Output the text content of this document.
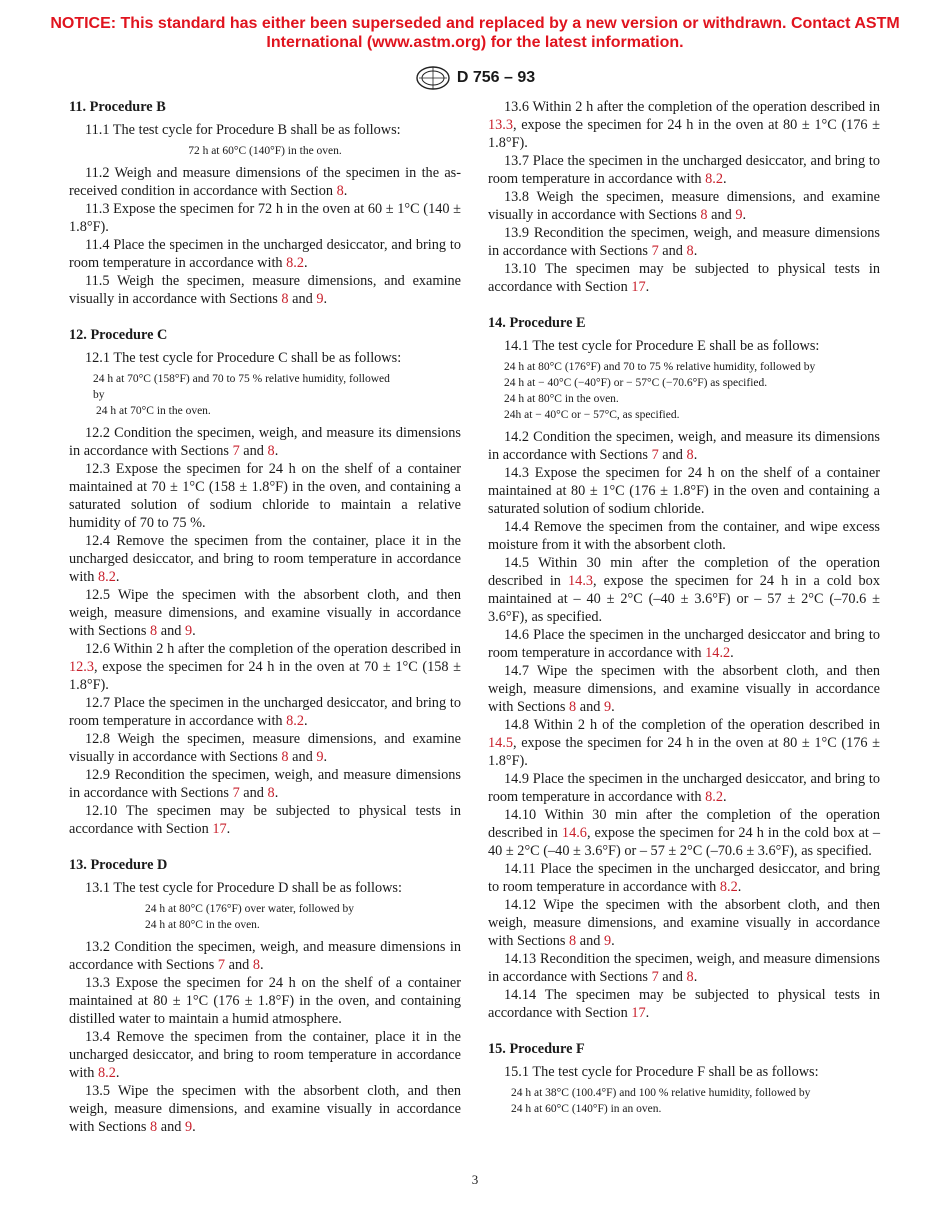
NOTICE: This standard has either been superseded and replaced by a new version or withdrawn. Contact ASTM
International (www.astm.org) for the latest information.
D 756 – 93
11. Procedure B

11.1 The test cycle for Procedure B shall be as follows:

72 h at 60°C (140°F) in the oven.

11.2 Weigh and measure dimensions of the specimen in the as-received condition in accordance with Section 8.

11.3 Expose the specimen for 72 h in the oven at 60 ± 1°C (140 ± 1.8°F).

11.4 Place the specimen in the uncharged desiccator, and bring to room temperature in accordance with 8.2.

11.5 Weigh the specimen, measure dimensions, and examine visually in accordance with Sections 8 and 9.

12. Procedure C

12.1 The test cycle for Procedure C shall be as follows:

24 h at 70°C (158°F) and 70 to 75 % relative humidity, followed
by
24 h at 70°C in the oven.

12.2 Condition the specimen, weigh, and measure its dimensions in accordance with Sections 7 and 8.

12.3 Expose the specimen for 24 h on the shelf of a container maintained at 70 ± 1°C (158 ± 1.8°F) in the oven, and containing a saturated solution of sodium chloride to maintain a relative humidity of 70 to 75 %.

12.4 Remove the specimen from the container, place it in the uncharged desiccator, and bring to room temperature in accordance with 8.2.

12.5 Wipe the specimen with the absorbent cloth, and then weigh, measure dimensions, and examine visually in accordance with Sections 8 and 9.

12.6 Within 2 h after the completion of the operation described in 12.3, expose the specimen for 24 h in the oven at 70 ± 1°C (158 ± 1.8°F).

12.7 Place the specimen in the uncharged desiccator, and bring to room temperature in accordance with 8.2.

12.8 Weigh the specimen, measure dimensions, and examine visually in accordance with Sections 8 and 9.

12.9 Recondition the specimen, weigh, and measure dimensions in accordance with Sections 7 and 8.

12.10 The specimen may be subjected to physical tests in accordance with Section 17.

13. Procedure D

13.1 The test cycle for Procedure D shall be as follows:

24 h at 80°C (176°F) over water, followed by
24 h at 80°C in the oven.

13.2 Condition the specimen, weigh, and measure dimensions in accordance with Sections 7 and 8.

13.3 Expose the specimen for 24 h on the shelf of a container maintained at 80 ± 1°C (176 ± 1.8°F) in the oven, and containing distilled water to maintain a humid atmosphere.

13.4 Remove the specimen from the container, place it in the uncharged desiccator, and bring to room temperature in accordance with 8.2.

13.5 Wipe the specimen with the absorbent cloth, and then weigh, measure dimensions, and examine visually in accordance with Sections 8 and 9.

13.6 Within 2 h after the completion of the operation described in 13.3, expose the specimen for 24 h in the oven at 80 ± 1°C (176 ± 1.8°F).

13.7 Place the specimen in the uncharged desiccator, and bring to room temperature in accordance with 8.2.

13.8 Weigh the specimen, measure dimensions, and examine visually in accordance with Sections 8 and 9.

13.9 Recondition the specimen, weigh, and measure dimensions in accordance with Sections 7 and 8.

13.10 The specimen may be subjected to physical tests in accordance with Section 17.

14. Procedure E

14.1 The test cycle for Procedure E shall be as follows:

24 h at 80°C (176°F) and 70 to 75 % relative humidity, followed by
24 h at − 40°C (−40°F) or − 57°C (−70.6°F) as specified.
24 h at 80°C in the oven.
24h at − 40°C or − 57°C, as specified.

14.2 Condition the specimen, weigh, and measure its dimensions in accordance with Sections 7 and 8.

14.3 Expose the specimen for 24 h on the shelf of a container maintained at 80 ± 1°C (176 ± 1.8°F) in the oven and containing a saturated solution of sodium chloride.

14.4 Remove the specimen from the container, and wipe excess moisture from it with the absorbent cloth.

14.5 Within 30 min after the completion of the operation described in 14.3, expose the specimen for 24 h in a cold box maintained at – 40 ± 2°C (–40 ± 3.6°F) or – 57 ± 2°C (–70.6 ± 3.6°F), as specified.

14.6 Place the specimen in the uncharged desiccator and bring to room temperature in accordance with 14.2.

14.7 Wipe the specimen with the absorbent cloth, and then weigh, measure dimensions, and examine visually in accordance with Sections 8 and 9.

14.8 Within 2 h of the completion of the operation described in 14.5, expose the specimen for 24 h in the oven at 80 ± 1°C (176 ± 1.8°F).

14.9 Place the specimen in the uncharged desiccator, and bring to room temperature in accordance with 8.2.

14.10 Within 30 min after the completion of the operation described in 14.6, expose the specimen for 24 h in the cold box at – 40 ± 2°C (–40 ± 3.6°F) or – 57 ± 2°C (–70.6 ± 3.6°F), as specified.

14.11 Place the specimen in the uncharged desiccator, and bring to room temperature in accordance with 8.2.

14.12 Wipe the specimen with the absorbent cloth, and then weigh, measure dimensions, and examine visually in accordance with Sections 8 and 9.

14.13 Recondition the specimen, weigh, and measure dimensions in accordance with Sections 7 and 8.

14.14 The specimen may be subjected to physical tests in accordance with Section 17.

15. Procedure F

15.1 The test cycle for Procedure F shall be as follows:

24 h at 38°C (100.4°F) and 100 % relative humidity, followed by
24 h at 60°C (140°F) in an oven.
3
